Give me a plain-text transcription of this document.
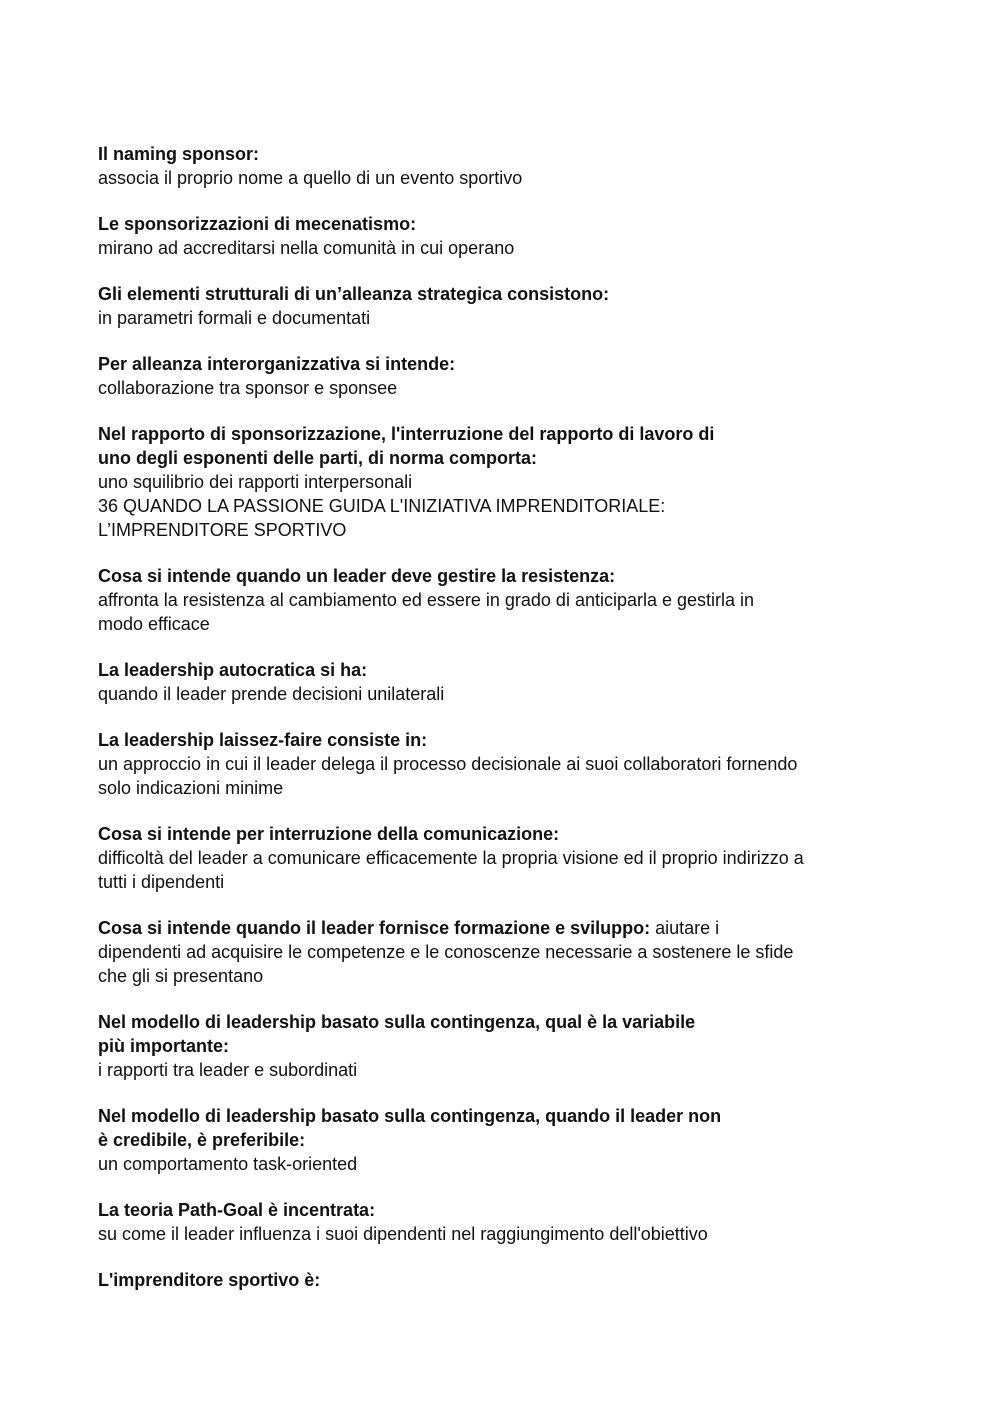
Il naming sponsor:
associa il proprio nome a quello di un evento sportivo
Le sponsorizzazioni di mecenatismo:
mirano ad accreditarsi nella comunità in cui operano
Gli elementi strutturali di un’alleanza strategica consistono:
in parametri formali e documentati
Per alleanza interorganizzativa si intende:
collaborazione tra sponsor e sponsee
Nel rapporto di sponsorizzazione, l'interruzione del rapporto di lavoro di
uno degli esponenti delle parti, di norma comporta:
uno squilibrio dei rapporti interpersonali
36 QUANDO LA PASSIONE GUIDA L'INIZIATIVA IMPRENDITORIALE:
L’IMPRENDITORE SPORTIVO
Cosa si intende quando un leader deve gestire la resistenza:
affronta la resistenza al cambiamento ed essere in grado di anticiparla e gestirla in
modo efficace
La leadership autocratica si ha:
quando il leader prende decisioni unilaterali
La leadership laissez-faire consiste in:
un approccio in cui il leader delega il processo decisionale ai suoi collaboratori fornendo
solo indicazioni minime
Cosa si intende per interruzione della comunicazione:
difficoltà del leader a comunicare efficacemente la propria visione ed il proprio indirizzo a
tutti i dipendenti
Cosa si intende quando il leader fornisce formazione e sviluppo: aiutare i
dipendenti ad acquisire le competenze e le conoscenze necessarie a sostenere le sfide
che gli si presentano
Nel modello di leadership basato sulla contingenza, qual è la variabile
più importante:
i rapporti tra leader e subordinati
Nel modello di leadership basato sulla contingenza, quando il leader non
è credibile, è preferibile:
un comportamento task-oriented
La teoria Path-Goal è incentrata:
su come il leader influenza i suoi dipendenti nel raggiungimento dell'obiettivo
L'imprenditore sportivo è:
